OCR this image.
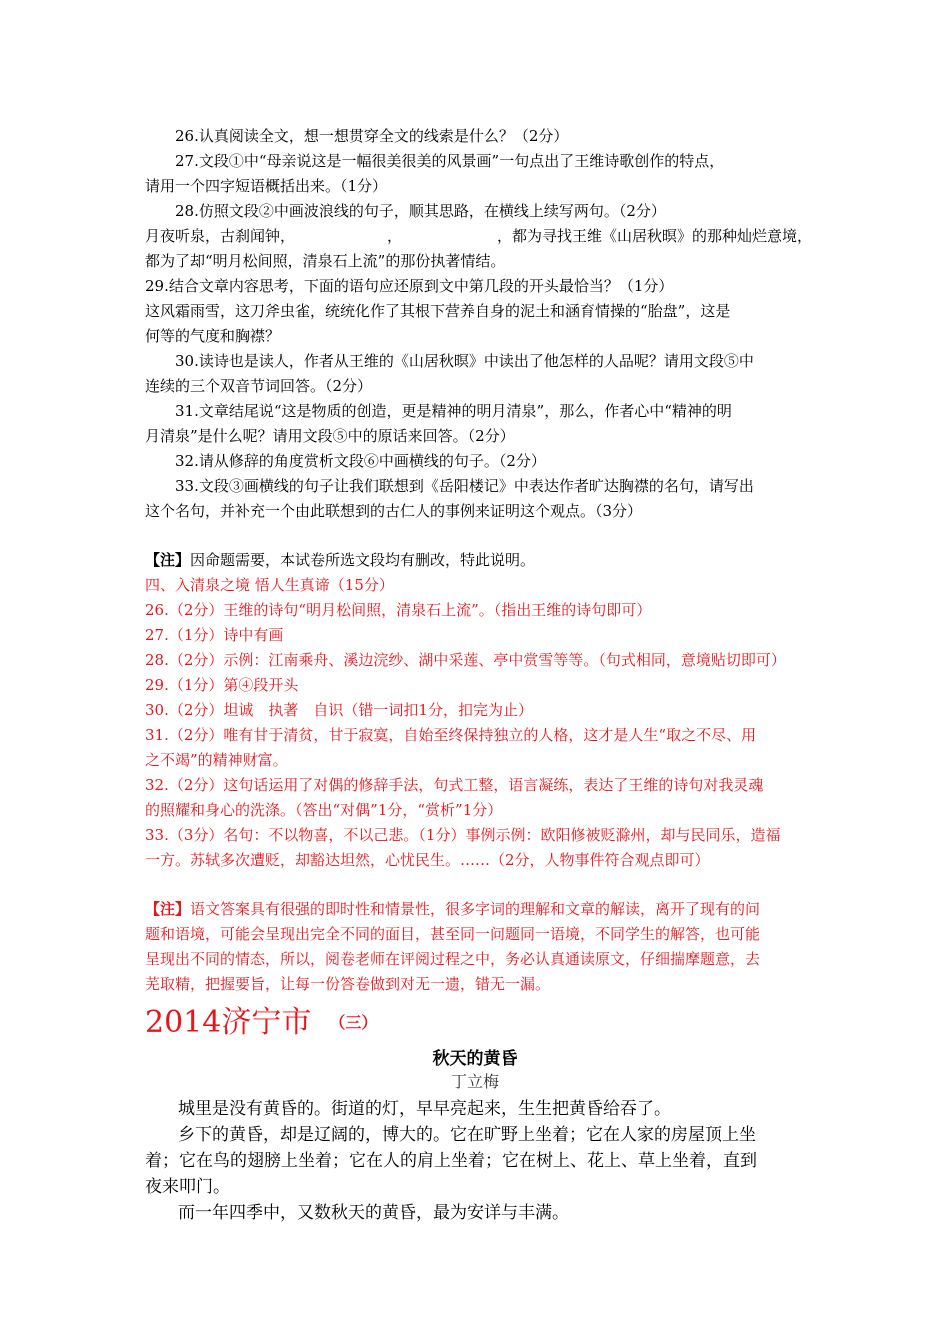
26.认真阅读全文，想一想贯穿全文的线索是什么？（2分）
27.文段①中“母亲说这是一幅很美很美的风景画”一句点出了王维诗歌创作的特点，
请用一个四字短语概括出来。（1分）
28.仿照文段②中画波浪线的句子，顺其思路，在横线上续写两句。（2分）
月夜听泉，古刹闻钟，	，	，都为寻找王维《山居秋暝》的那种灿烂意境，
都为了却“明月松间照，清泉石上流”的那份执著情结。
29.结合文章内容思考，下面的语句应还原到文中第几段的开头最恰当？（1分）
这风霜雨雪，这刀斧虫雀，统统化作了其根下营养自身的泥土和涵育情操的“胎盘”，这是
何等的气度和胸襟？
30.读诗也是读人，作者从王维的《山居秋暝》中读出了他怎样的人品呢？请用文段⑤中
连续的三个双音节词回答。（2分）
31.文章结尾说“这是物质的创造，更是精神的明月清泉”，那么，作者心中“精神的明
月清泉”是什么呢？请用文段⑤中的原话来回答。（2分）
32.请从修辞的角度赏析文段⑥中画横线的句子。（2分）
33.文段③画横线的句子让我们联想到《岳阳楼记》中表达作者旷达胸襟的名句，请写出
这个名句，并补充一个由此联想到的古仁人的事例来证明这个观点。（3分）
【注】因命题需要，本试卷所选文段均有删改，特此说明。
四、入清泉之境 悟人生真谛（15分）
26.（2分）王维的诗句“明月松间照，清泉石上流”。（指出王维的诗句即可）
27.（1分）诗中有画
28.（2分）示例：江南乘舟、溪边浣纱、湖中采莲、亭中赏雪等等。（句式相同，意境贴切即可）
29.（1分）第④段开头
30.（2分）坦诚　执著　自识（错一词扣1分，扣完为止）
31.（2分）唯有甘于清贫，甘于寂寞，自始至终保持独立的人格，这才是人生“取之不尽、用
之不竭”的精神财富。
32.（2分）这句话运用了对偶的修辞手法，句式工整，语言凝练，表达了王维的诗句对我灵魂
的照耀和身心的洗涤。（答出“对偶”1分，“赏析”1分）
33.（3分）名句：不以物喜，不以己悲。（1分）事例示例：欧阳修被贬滁州，却与民同乐，造福
一方。苏轼多次遭贬，却豁达坦然，心忧民生。……（2分，人物事件符合观点即可）
【注】语文答案具有很强的即时性和情景性，很多字词的理解和文章的解读，离开了现有的问
题和语境，可能会呈现出完全不同的面目，甚至同一问题同一语境，不同学生的解答，也可能
呈现出不同的情态，所以，阅卷老师在评阅过程之中，务必认真通读原文，仔细揣摩题意，去
芜取精，把握要旨，让每一份答卷做到对无一遗，错无一漏。
2014济宁市 （三）
秋天的黄昏
丁立梅
城里是没有黄昏的。街道的灯，早早亮起来，生生把黄昏给吞了。
乡下的黄昏，却是辽阔的，博大的。它在旷野上坐着；它在人家的房屋顶上坐
着；它在鸟的翅膀上坐着；它在人的肩上坐着；它在树上、花上、草上坐着，直到
夜来叩门。
而一年四季中，又数秋天的黄昏，最为安详与丰满。
